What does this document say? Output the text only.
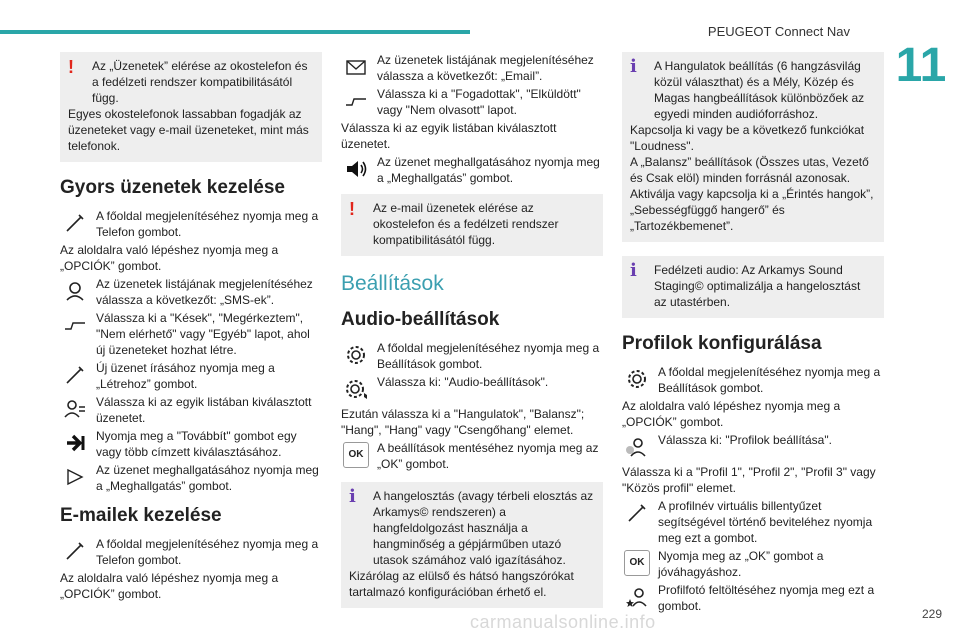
PEUGEOT Connect Nav
11
!	Az „Üzenetek” elérése az okostelefon és a fedélzeti rendszer kompatibilitásától függ.
Egyes okostelefonok lassabban fogadják az üzeneteket vagy e-mail üzeneteket, mint más telefonok.
Gyors üzenetek kezelése
A főoldal megjelenítéséhez nyomja meg a Telefon gombot.

Az aloldalra való lépéshez nyomja meg a „OPCIÓK” gombot.

Az üzenetek listájának megjelenítéséhez válassza a következőt: „SMS-ek”.
Válassza ki a "Kések", "Megérkeztem", "Nem elérhető" vagy "Egyéb" lapot, ahol új üzeneteket hozhat létre.
Új üzenet írásához nyomja meg a „Létrehoz” gombot.
Válassza ki az egyik listában kiválasztott üzenetet.
Nyomja meg a "Továbbít" gombot egy vagy több címzett kiválasztásához.
Az üzenet meghallgatásához nyomja meg a „Meghallgatás” gombot.
E-mailek kezelése
A főoldal megjelenítéséhez nyomja meg a Telefon gombot.

Az aloldalra való lépéshez nyomja meg a „OPCIÓK” gombot.

Az üzenetek listájának megjelenítéséhez válassza a következőt: „Email”.
Válassza ki a "Fogadottak", "Elküldött" vagy "Nem olvasott" lapot.

Válassza ki az egyik listában kiválasztott üzenetet.

Az üzenet meghallgatásához nyomja meg a „Meghallgatás” gombot.
!	Az e-mail üzenetek elérése az okostelefon és a fedélzeti rendszer kompatibilitásától függ.
Beállítások
Audio-beállítások
A főoldal megjelenítéséhez nyomja meg a Beállítások gombot.
Válassza ki: "Audio-beállítások".

Ezután válassza ki a "Hangulatok", "Balansz"; "Hang", "Hang" vagy "Csengőhang" elemet.

OK	A beállítások mentéséhez nyomja meg az „OK” gombot.
i	A hangelosztás (avagy térbeli elosztás az Arkamys© rendszeren) a hangfeldolgozást használja a hangminőség a gépjárműben utazó utasok számához való igazításához.
Kizárólag az elülső és hátsó hangszórókat tartalmazó konfigurációban érhető el.
i	A Hangulatok beállítás (6 hangzásvilág közül választhat) és a Mély, Közép és Magas hangbeállítások különbözőek az egyedi minden audióforráshoz.
Kapcsolja ki vagy be a következő funkciókat "Loudness".
A „Balansz” beállítások (Összes utas, Vezető és Csak elöl) minden forrásnál azonosak.
Aktiválja vagy kapcsolja ki a „Érintés hangok”, „Sebességfüggő hangerő” és „Tartozékbemenet”.
i	Fedélzeti audio: Az Arkamys Sound Staging© optimalizálja a hangelosztást az utastérben.
Profilok konfigurálása
A főoldal megjelenítéséhez nyomja meg a Beállítások gombot.

Az aloldalra való lépéshez nyomja meg a „OPCIÓK” gombot.

Válassza ki: "Profilok beállítása".

Válassza ki a "Profil 1", "Profil 2", "Profil 3" vagy "Közös profil" elemet.

A profilnév virtuális billentyűzet segítségével történő beviteléhez nyomja meg ezt a gombot.
OK	Nyomja meg az „OK” gombot a jóváhagyáshoz.
Profilfotó feltöltéséhez nyomja meg ezt a gombot.
carmanualsonline.info	229
